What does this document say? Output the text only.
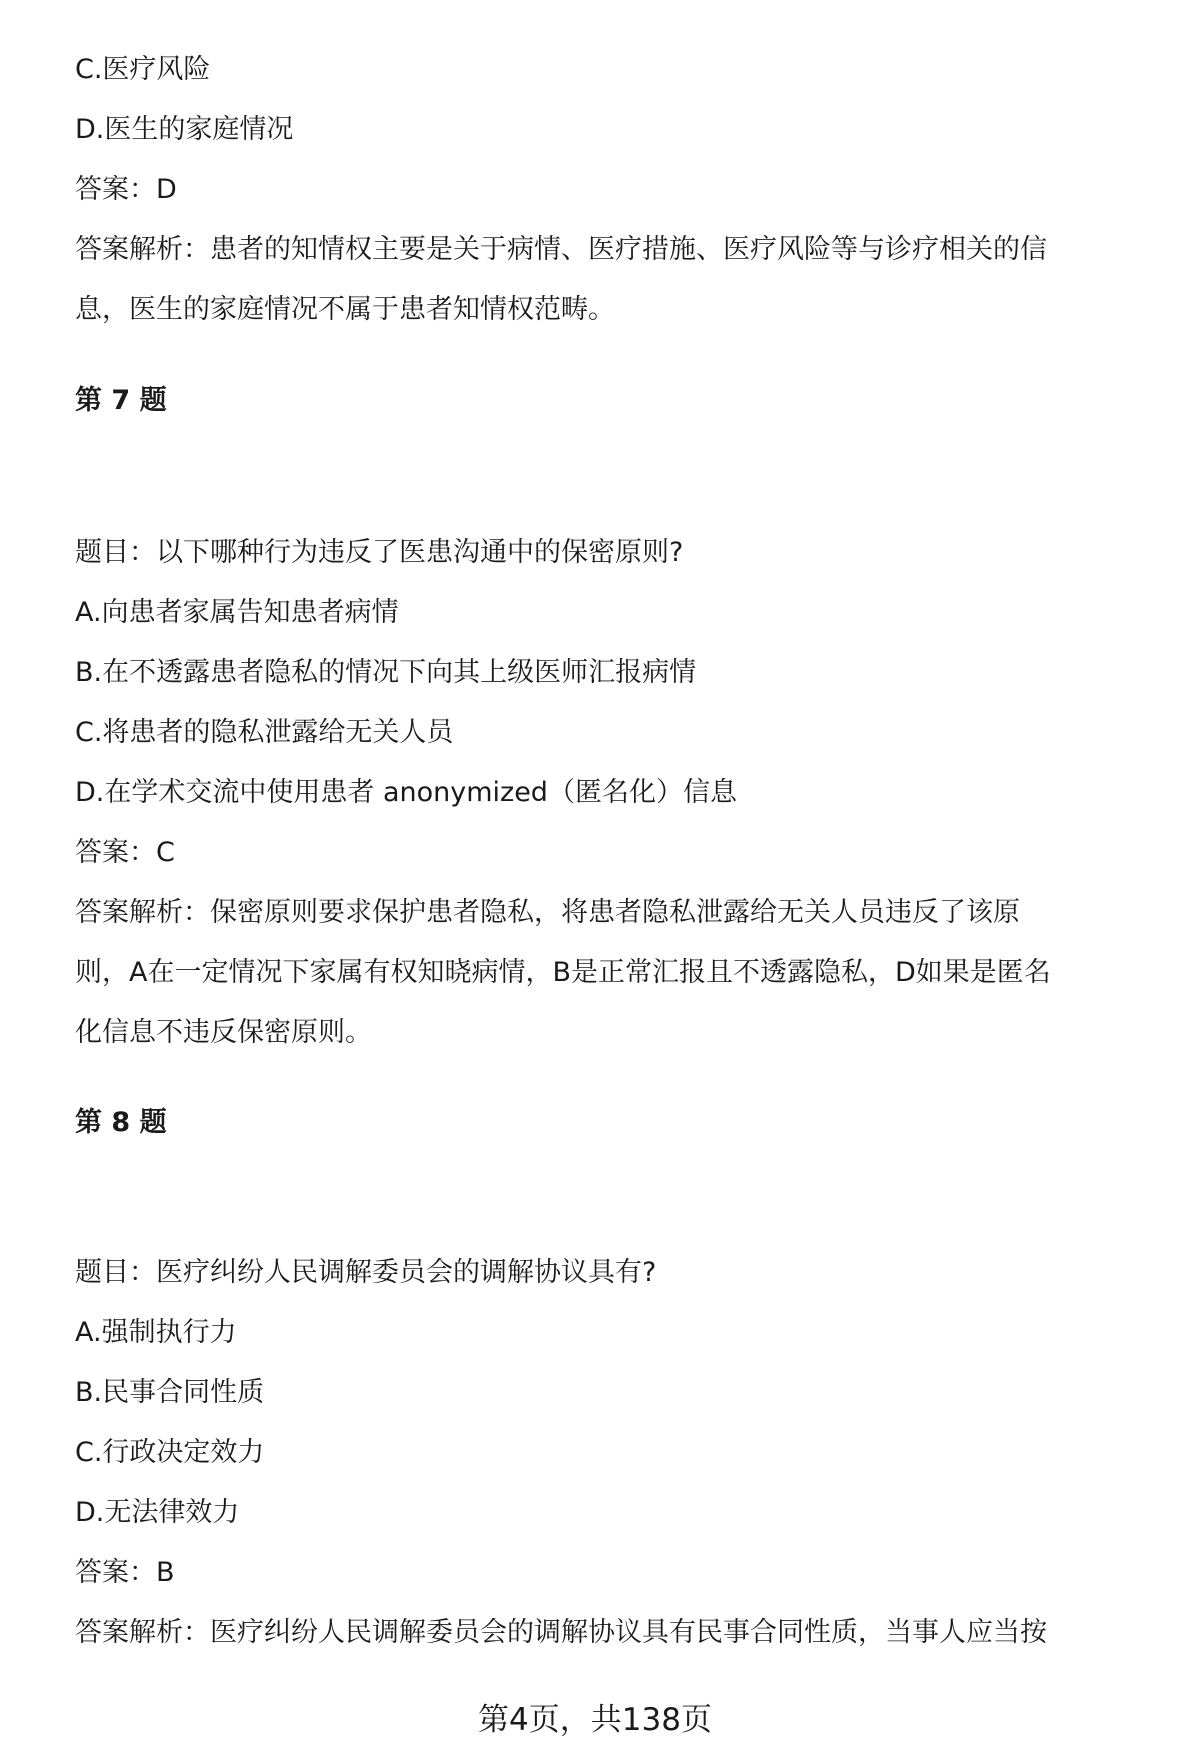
C.医疗风险
D.医生的家庭情况
答案：D
答案解析：患者的知情权主要是关于病情、医疗措施、医疗风险等与诊疗相关的信
息，医生的家庭情况不属于患者知情权范畴。
第 7 题
题目：以下哪种行为违反了医患沟通中的保密原则?
A.向患者家属告知患者病情
B.在不透露患者隐私的情况下向其上级医师汇报病情
C.将患者的隐私泄露给无关人员
D.在学术交流中使用患者 anonymized（匿名化）信息
答案：C
答案解析：保密原则要求保护患者隐私，将患者隐私泄露给无关人员违反了该原
则，A在一定情况下家属有权知晓病情，B是正常汇报且不透露隐私，D如果是匿名
化信息不违反保密原则。
第 8 题
题目：医疗纠纷人民调解委员会的调解协议具有?
A.强制执行力
B.民事合同性质
C.行政决定效力
D.无法律效力
答案：B
答案解析：医疗纠纷人民调解委员会的调解协议具有民事合同性质，当事人应当按
第4页，共138页
